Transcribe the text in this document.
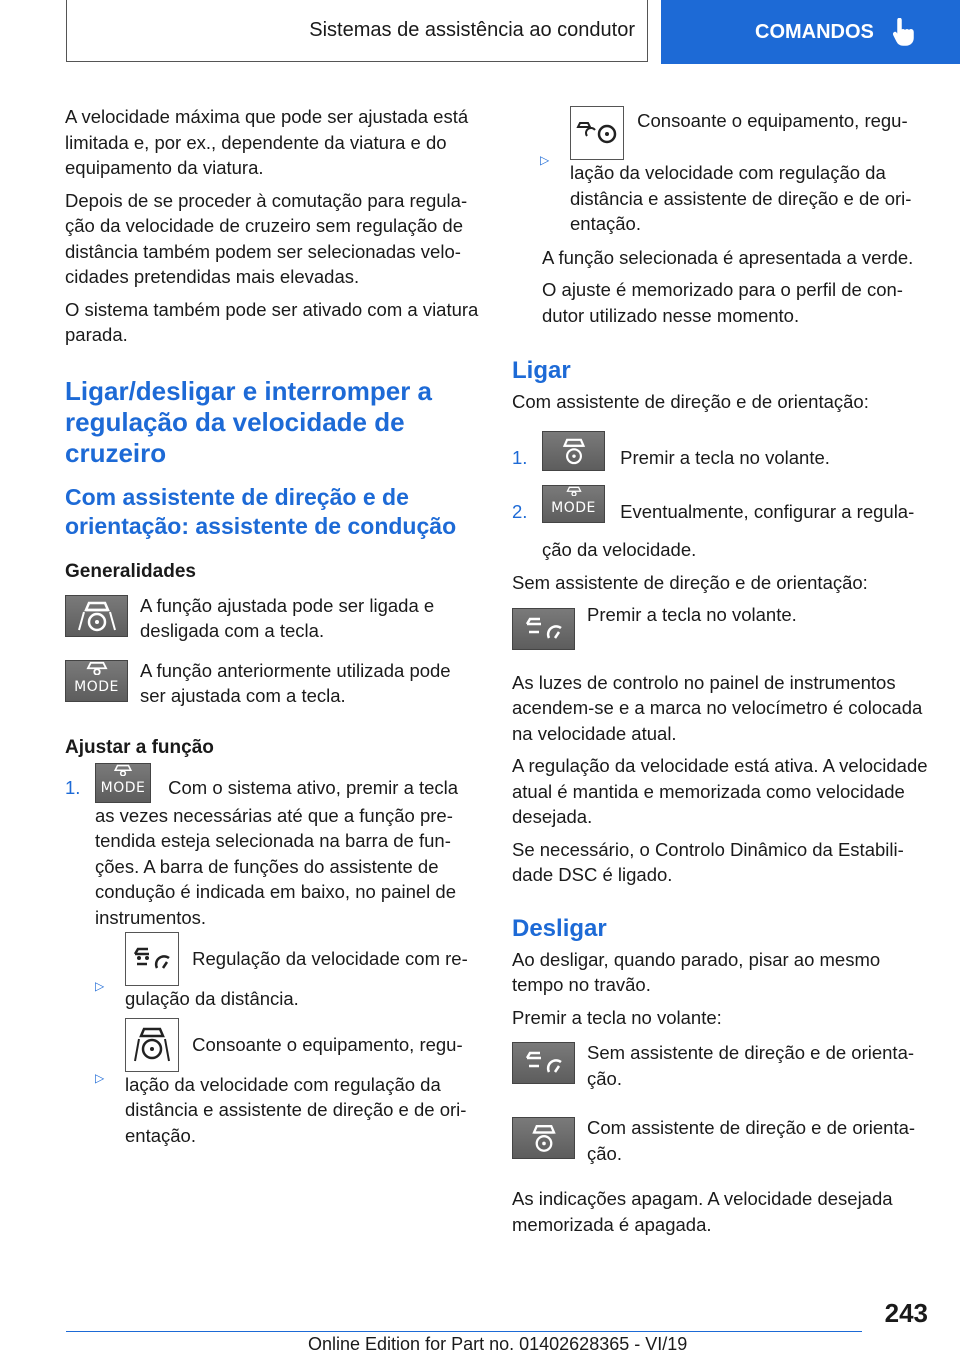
Sistemas de assistência ao condutor	COMANDOS

A velocidade máxima que pode ser ajustada está limitada e, por ex., dependente da viatura e do equipamento da viatura.

Depois de se proceder à comutação para regulação da velocidade de cruzeiro sem regulação de distância também podem ser selecionadas velocidades pretendidas mais elevadas.

O sistema também pode ser ativado com a viatura parada.

Ligar/desligar e interromper a regulação da velocidade de cruzeiro
Com assistente de direção e de orientação: assistente de condução
Generalidades
A função ajustada pode ser ligada e desligada com a tecla.
MODE
A função anteriormente utilizada pode ser ajustada com a tecla.
Ajustar a função
1.	MODE Com o sistema ativo, premir a tecla as vezes necessárias até que a função pretendida esteja selecionada na barra de funções. A barra de funções do assistente de condução é indicada em baixo, no painel de instrumentos.
▷
Regulação da velocidade com regulação da distância.
▷
Consoante o equipamento, regulação da velocidade com regulação da distância e assistente de direção e de orientação.
▷
Consoante o equipamento, regulação da velocidade com regulação da distância e assistente de direção e de orientação.

A função selecionada é apresentada a verde.

O ajuste é memorizado para o perfil de condutor utilizado nesse momento.

Ligar

Com assistente de direção e de orientação:

1.	Premir a tecla no volante.
2.	MODE Eventualmente, configurar a regulação da velocidade.

Sem assistente de direção e de orientação:

Premir a tecla no volante.

As luzes de controlo no painel de instrumentos acendem-se e a marca no velocímetro é colocada na velocidade atual.

A regulação da velocidade está ativa. A velocidade atual é mantida e memorizada como velocidade desejada.

Se necessário, o Controlo Dinâmico da Estabilidade DSC é ligado.

Desligar

Ao desligar, quando parado, pisar ao mesmo tempo no travão.

Premir a tecla no volante:

Sem assistente de direção e de orientação.
Com assistente de direção e de orientação.

As indicações apagam. A velocidade desejada memorizada é apagada.

243
Online Edition for Part no. 01402628365 - VI/19
